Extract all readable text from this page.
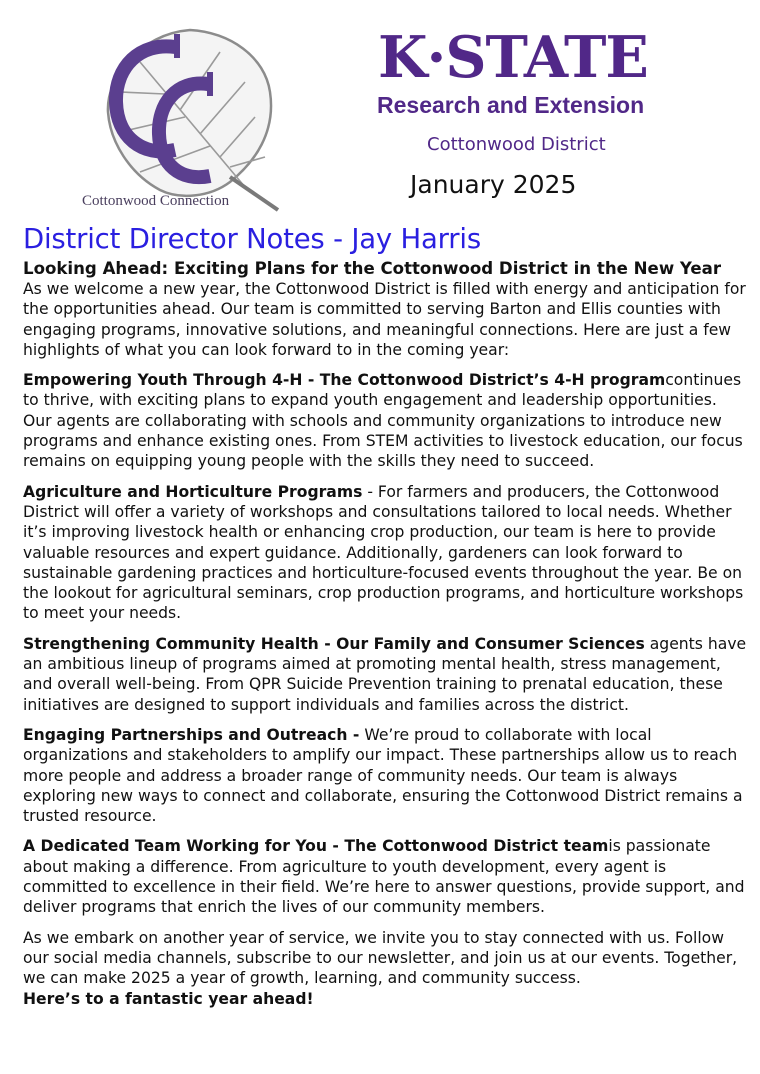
Cottonwood Connection
K·STATE
Research and Extension
Cottonwood District
January 2025
District Director Notes - Jay Harris
Looking Ahead: Exciting Plans for the Cottonwood District in the New Year

As we welcome a new year, the Cottonwood District is filled with energy and anticipation for the opportunities ahead. Our team is committed to serving Barton and Ellis counties with engaging programs, innovative solutions, and meaningful connections. Here are just a few highlights of what you can look forward to in the coming year:

Empowering Youth Through 4-H - The Cottonwood District’s 4-H programcontinues to thrive, with exciting plans to expand youth engagement and leadership opportunities. Our agents are collaborating with schools and community organizations to introduce new programs and enhance existing ones. From STEM activities to livestock education, our focus remains on equipping young people with the skills they need to succeed.

Agriculture and Horticulture Programs - For farmers and producers, the Cottonwood District will offer a variety of workshops and consultations tailored to local needs. Whether it’s improving livestock health or enhancing crop production, our team is here to provide valuable resources and expert guidance. Additionally, gardeners can look forward to sustainable gardening practices and horticulture-focused events throughout the year. Be on the lookout for agricultural seminars, crop production programs, and horticulture workshops to meet your needs.

Strengthening Community Health - Our Family and Consumer Sciences agents have an ambitious lineup of programs aimed at promoting mental health, stress management, and overall well-being. From QPR Suicide Prevention training to prenatal education, these initiatives are designed to support individuals and families across the district.

Engaging Partnerships and Outreach - We’re proud to collaborate with local organizations and stakeholders to amplify our impact. These partnerships allow us to reach more people and address a broader range of community needs. Our team is always exploring new ways to connect and collaborate, ensuring the Cottonwood District remains a trusted resource.

A Dedicated Team Working for You - The Cottonwood District teamis passionate about making a difference. From agriculture to youth development, every agent is committed to excellence in their field. We’re here to answer questions, provide support, and deliver programs that enrich the lives of our community members.

As we embark on another year of service, we invite you to stay connected with us. Follow our social media channels, subscribe to our newsletter, and join us at our events. Together, we can make 2025 a year of growth, learning, and community success.
Here’s to a fantastic year ahead!
